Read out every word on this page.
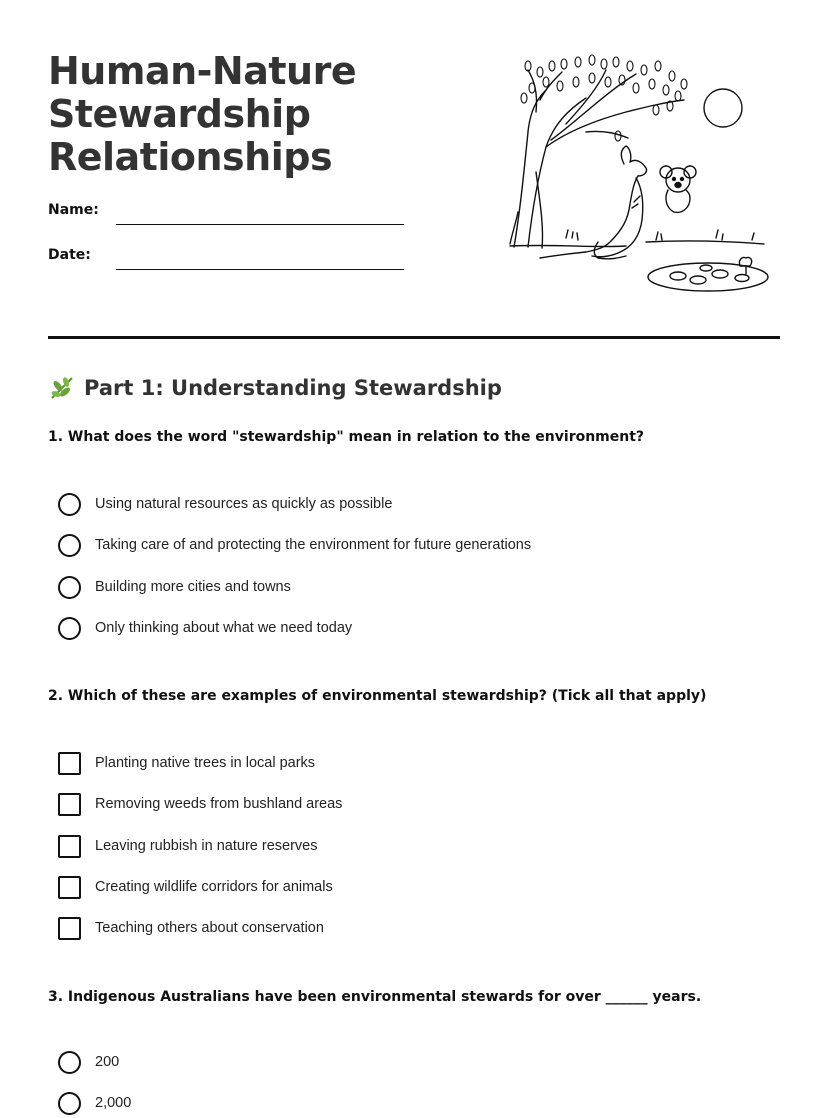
Human-Nature
Stewardship
Relationships
Name:
Date:
Part 1: Understanding Stewardship
1. What does the word "stewardship" mean in relation to the environment?
Using natural resources as quickly as possible
Taking care of and protecting the environment for future generations
Building more cities and towns
Only thinking about what we need today
2. Which of these are examples of environmental stewardship? (Tick all that apply)
Planting native trees in local parks
Removing weeds from bushland areas
Leaving rubbish in nature reserves
Creating wildlife corridors for animals
Teaching others about conservation
3. Indigenous Australians have been environmental stewards for over ______ years.
200
2,000
